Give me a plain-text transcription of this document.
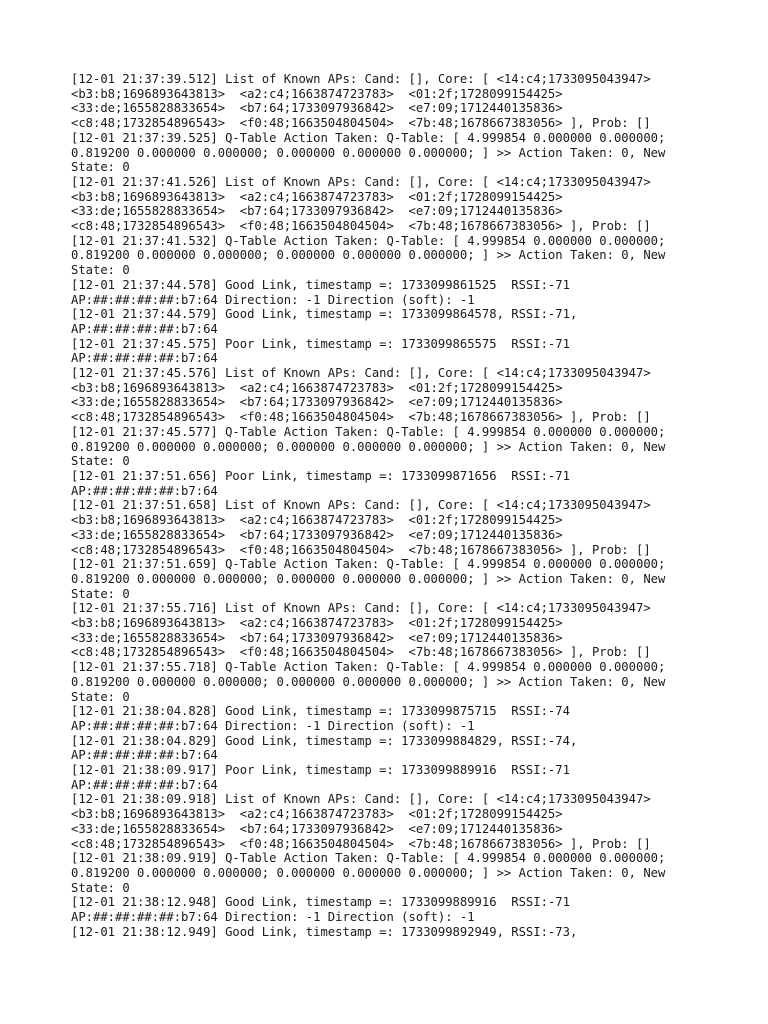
[12-01 21:37:39.512] List of Known APs: Cand: [], Core: [ <14:c4;1733095043947>
<b3:b8;1696893643813>  <a2:c4;1663874723783>  <01:2f;1728099154425>
<33:de;1655828833654>  <b7:64;1733097936842>  <e7:09;1712440135836>
<c8:48;1732854896543>  <f0:48;1663504804504>  <7b:48;1678667383056> ], Prob: []
[12-01 21:37:39.525] Q-Table Action Taken: Q-Table: [ 4.999854 0.000000 0.000000;
0.819200 0.000000 0.000000; 0.000000 0.000000 0.000000; ] >> Action Taken: 0, New
State: 0
[12-01 21:37:41.526] List of Known APs: Cand: [], Core: [ <14:c4;1733095043947>
<b3:b8;1696893643813>  <a2:c4;1663874723783>  <01:2f;1728099154425>
<33:de;1655828833654>  <b7:64;1733097936842>  <e7:09;1712440135836>
<c8:48;1732854896543>  <f0:48;1663504804504>  <7b:48;1678667383056> ], Prob: []
[12-01 21:37:41.532] Q-Table Action Taken: Q-Table: [ 4.999854 0.000000 0.000000;
0.819200 0.000000 0.000000; 0.000000 0.000000 0.000000; ] >> Action Taken: 0, New
State: 0
[12-01 21:37:44.578] Good Link, timestamp =: 1733099861525  RSSI:-71
AP:##:##:##:##:b7:64 Direction: -1 Direction (soft): -1
[12-01 21:37:44.579] Good Link, timestamp =: 1733099864578, RSSI:-71,
AP:##:##:##:##:b7:64
[12-01 21:37:45.575] Poor Link, timestamp =: 1733099865575  RSSI:-71
AP:##:##:##:##:b7:64
[12-01 21:37:45.576] List of Known APs: Cand: [], Core: [ <14:c4;1733095043947>
<b3:b8;1696893643813>  <a2:c4;1663874723783>  <01:2f;1728099154425>
<33:de;1655828833654>  <b7:64;1733097936842>  <e7:09;1712440135836>
<c8:48;1732854896543>  <f0:48;1663504804504>  <7b:48;1678667383056> ], Prob: []
[12-01 21:37:45.577] Q-Table Action Taken: Q-Table: [ 4.999854 0.000000 0.000000;
0.819200 0.000000 0.000000; 0.000000 0.000000 0.000000; ] >> Action Taken: 0, New
State: 0
[12-01 21:37:51.656] Poor Link, timestamp =: 1733099871656  RSSI:-71
AP:##:##:##:##:b7:64
[12-01 21:37:51.658] List of Known APs: Cand: [], Core: [ <14:c4;1733095043947>
<b3:b8;1696893643813>  <a2:c4;1663874723783>  <01:2f;1728099154425>
<33:de;1655828833654>  <b7:64;1733097936842>  <e7:09;1712440135836>
<c8:48;1732854896543>  <f0:48;1663504804504>  <7b:48;1678667383056> ], Prob: []
[12-01 21:37:51.659] Q-Table Action Taken: Q-Table: [ 4.999854 0.000000 0.000000;
0.819200 0.000000 0.000000; 0.000000 0.000000 0.000000; ] >> Action Taken: 0, New
State: 0
[12-01 21:37:55.716] List of Known APs: Cand: [], Core: [ <14:c4;1733095043947>
<b3:b8;1696893643813>  <a2:c4;1663874723783>  <01:2f;1728099154425>
<33:de;1655828833654>  <b7:64;1733097936842>  <e7:09;1712440135836>
<c8:48;1732854896543>  <f0:48;1663504804504>  <7b:48;1678667383056> ], Prob: []
[12-01 21:37:55.718] Q-Table Action Taken: Q-Table: [ 4.999854 0.000000 0.000000;
0.819200 0.000000 0.000000; 0.000000 0.000000 0.000000; ] >> Action Taken: 0, New
State: 0
[12-01 21:38:04.828] Good Link, timestamp =: 1733099875715  RSSI:-74
AP:##:##:##:##:b7:64 Direction: -1 Direction (soft): -1
[12-01 21:38:04.829] Good Link, timestamp =: 1733099884829, RSSI:-74,
AP:##:##:##:##:b7:64
[12-01 21:38:09.917] Poor Link, timestamp =: 1733099889916  RSSI:-71
AP:##:##:##:##:b7:64
[12-01 21:38:09.918] List of Known APs: Cand: [], Core: [ <14:c4;1733095043947>
<b3:b8;1696893643813>  <a2:c4;1663874723783>  <01:2f;1728099154425>
<33:de;1655828833654>  <b7:64;1733097936842>  <e7:09;1712440135836>
<c8:48;1732854896543>  <f0:48;1663504804504>  <7b:48;1678667383056> ], Prob: []
[12-01 21:38:09.919] Q-Table Action Taken: Q-Table: [ 4.999854 0.000000 0.000000;
0.819200 0.000000 0.000000; 0.000000 0.000000 0.000000; ] >> Action Taken: 0, New
State: 0
[12-01 21:38:12.948] Good Link, timestamp =: 1733099889916  RSSI:-71
AP:##:##:##:##:b7:64 Direction: -1 Direction (soft): -1
[12-01 21:38:12.949] Good Link, timestamp =: 1733099892949, RSSI:-73,
